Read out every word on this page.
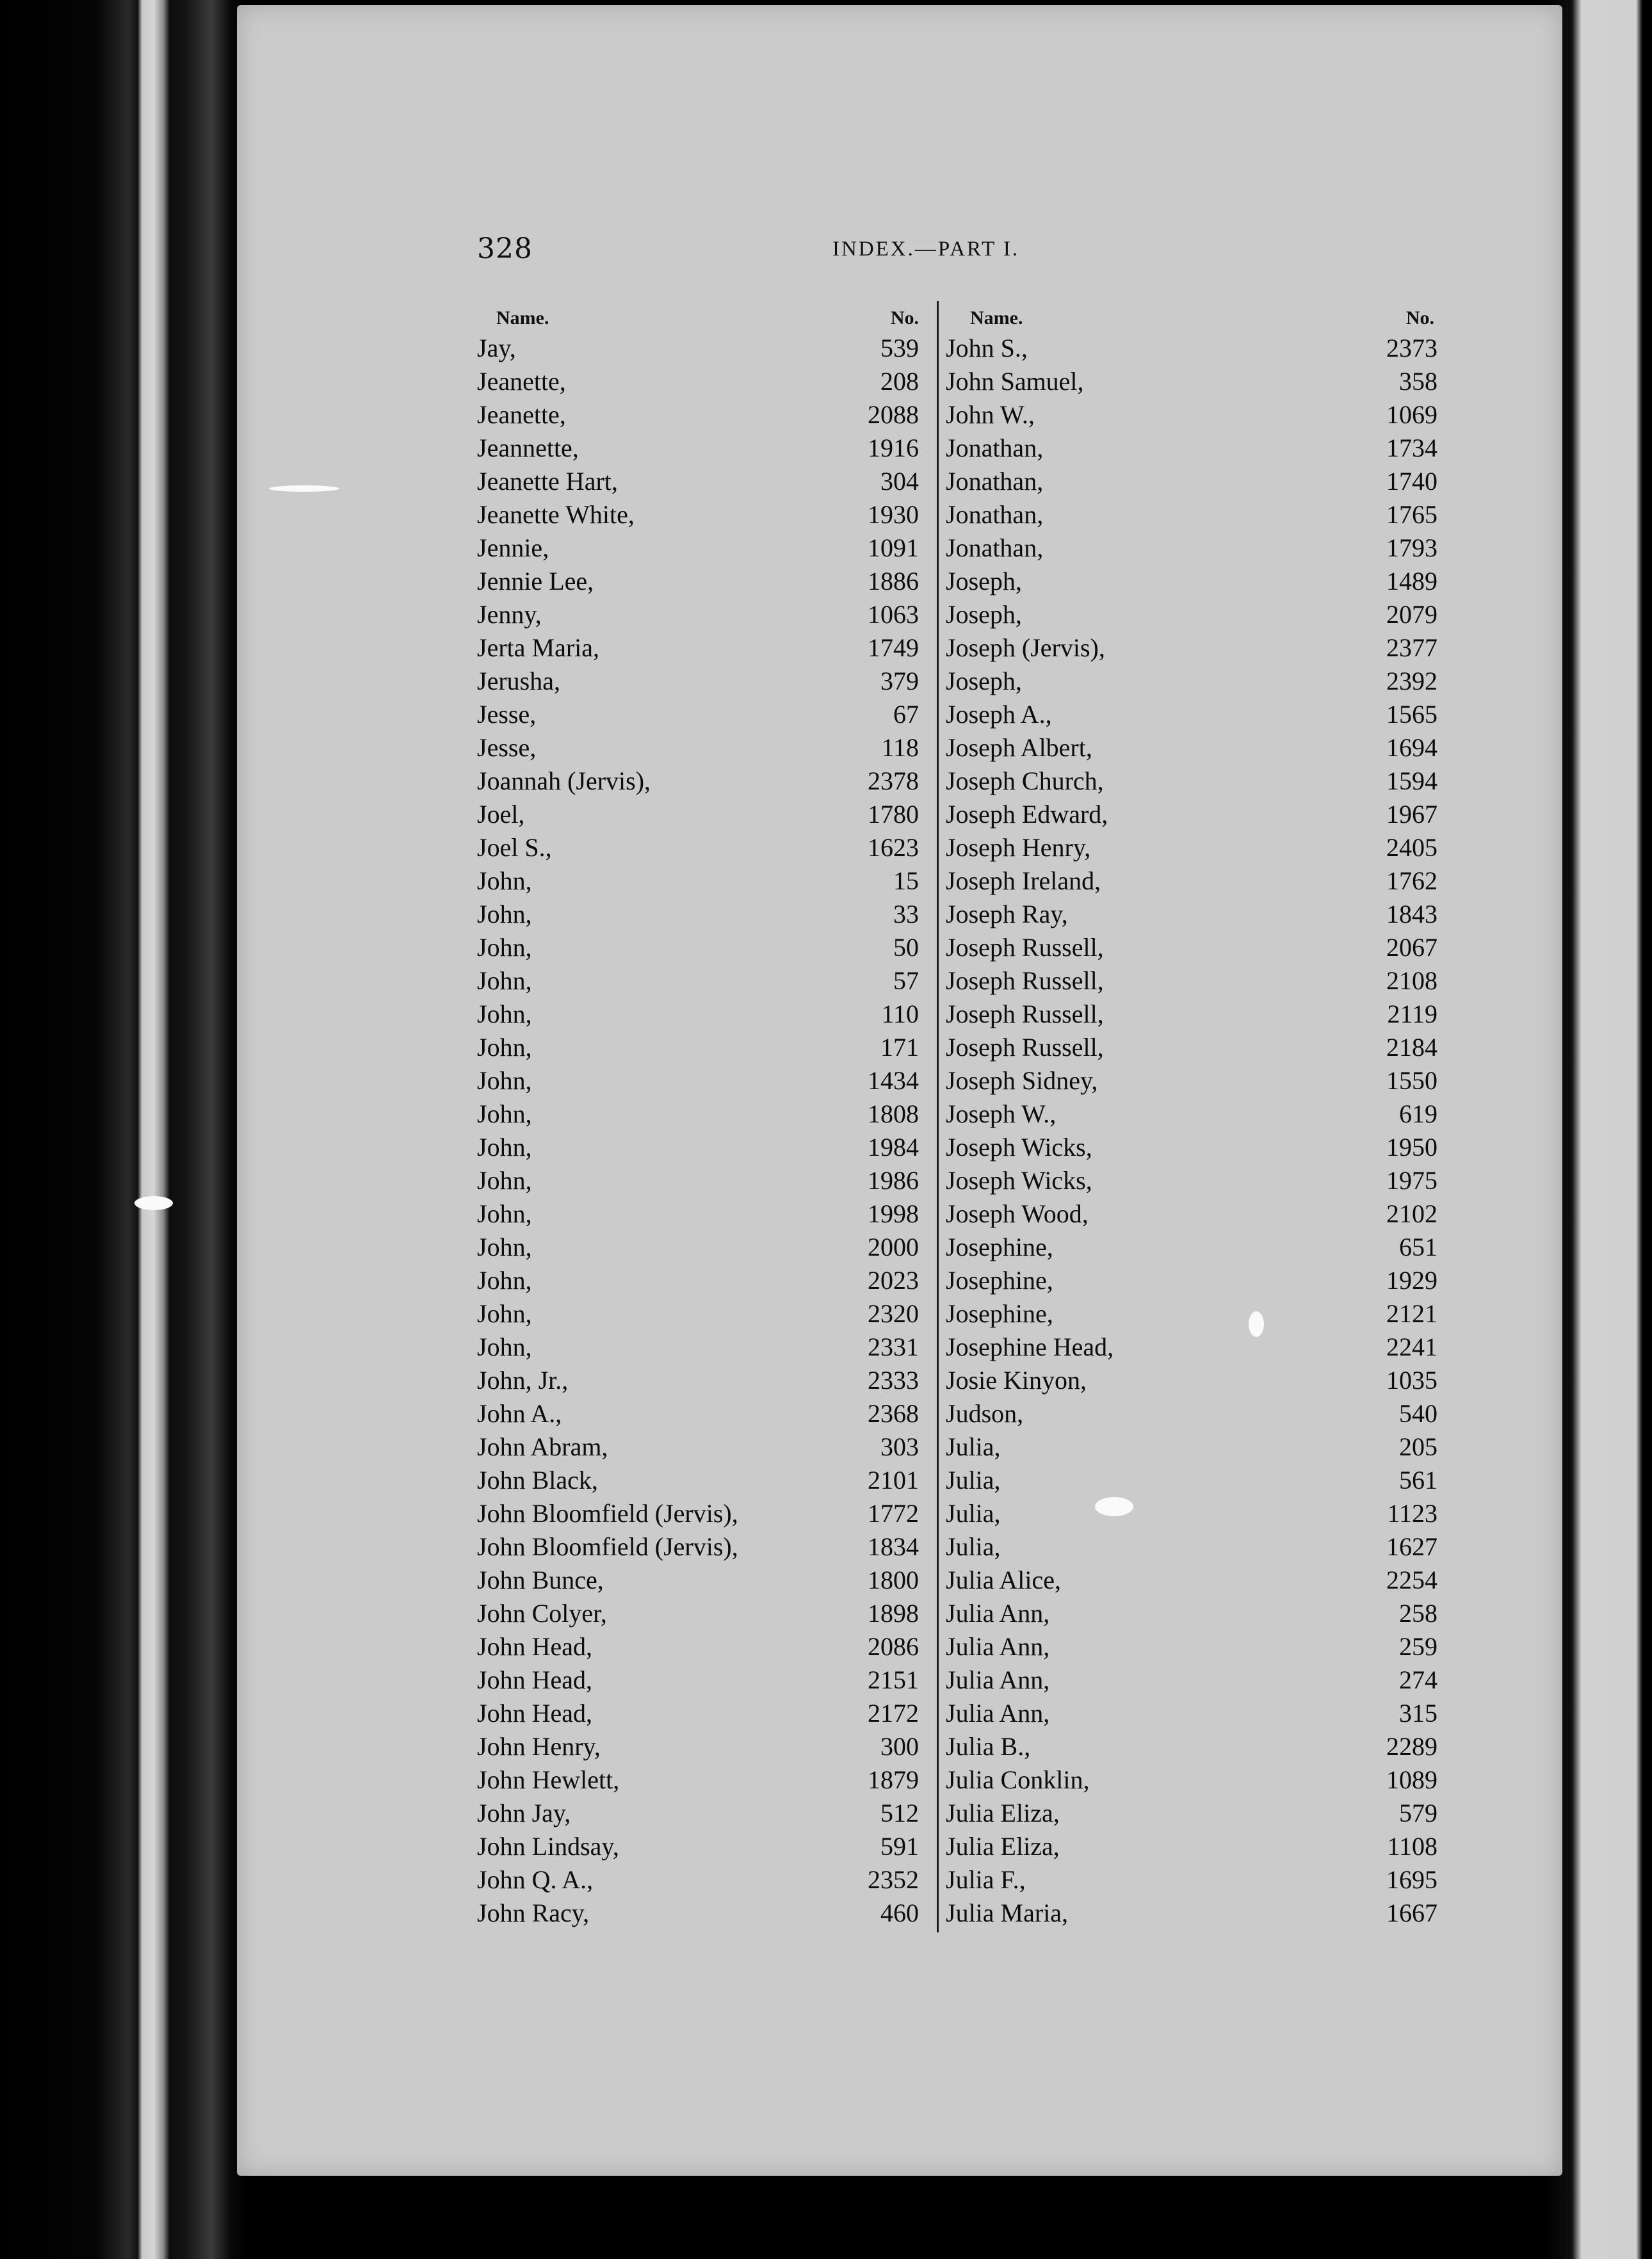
328	INDEX.—PART I.
Name.	No.
Jay,	539
Jeanette,	208
Jeanette,	2088
Jeannette,	1916
Jeanette Hart,	304
Jeanette White,	1930
Jennie,	1091
Jennie Lee,	1886
Jenny,	1063
Jerta Maria,	1749
Jerusha,	379
Jesse,	67
Jesse,	118
Joannah (Jervis),	2378
Joel,	1780
Joel S.,	1623
John,	15
John,	33
John,	50
John,	57
John,	110
John,	171
John,	1434
John,	1808
John,	1984
John,	1986
John,	1998
John,	2000
John,	2023
John,	2320
John,	2331
John, Jr.,	2333
John A.,	2368
John Abram,	303
John Black,	2101
John Bloomfield (Jervis),	1772
John Bloomfield (Jervis),	1834
John Bunce,	1800
John Colyer,	1898
John Head,	2086
John Head,	2151
John Head,	2172
John Henry,	300
John Hewlett,	1879
John Jay,	512
John Lindsay,	591
John Q. A.,	2352
John Racy,	460
Name.	No.
John S.,	2373
John Samuel,	358
John W.,	1069
Jonathan,	1734
Jonathan,	1740
Jonathan,	1765
Jonathan,	1793
Joseph,	1489
Joseph,	2079
Joseph (Jervis),	2377
Joseph,	2392
Joseph A.,	1565
Joseph Albert,	1694
Joseph Church,	1594
Joseph Edward,	1967
Joseph Henry,	2405
Joseph Ireland,	1762
Joseph Ray,	1843
Joseph Russell,	2067
Joseph Russell,	2108
Joseph Russell,	2119
Joseph Russell,	2184
Joseph Sidney,	1550
Joseph W.,	619
Joseph Wicks,	1950
Joseph Wicks,	1975
Joseph Wood,	2102
Josephine,	651
Josephine,	1929
Josephine,	2121
Josephine Head,	2241
Josie Kinyon,	1035
Judson,	540
Julia,	205
Julia,	561
Julia,	1123
Julia,	1627
Julia Alice,	2254
Julia Ann,	258
Julia Ann,	259
Julia Ann,	274
Julia Ann,	315
Julia B.,	2289
Julia Conklin,	1089
Julia Eliza,	579
Julia Eliza,	1108
Julia F.,	1695
Julia Maria,	1667
